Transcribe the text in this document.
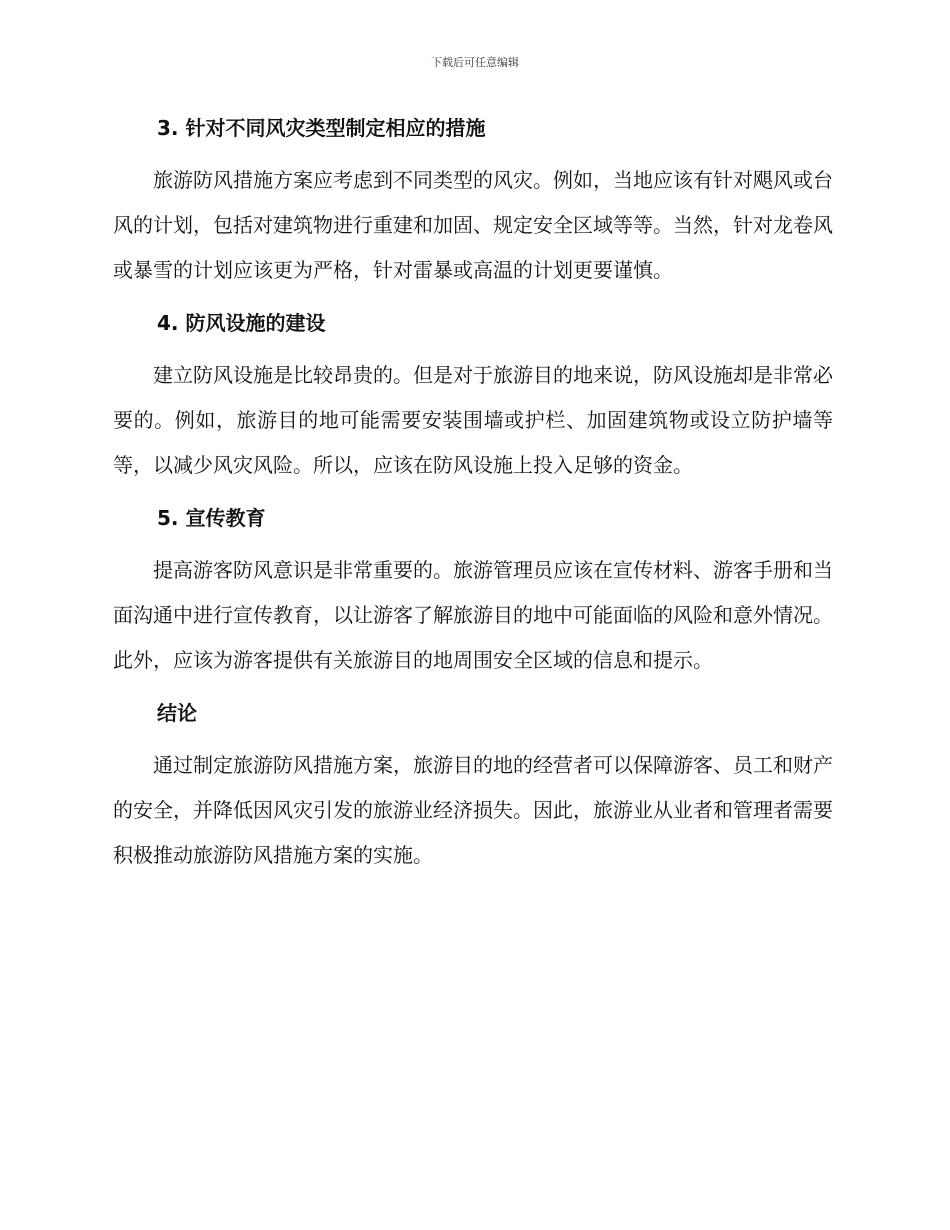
下载后可任意编辑
3. 针对不同风灾类型制定相应的措施

旅游防风措施方案应考虑到不同类型的风灾。例如，当地应该有针对飓风或台风的计划，包括对建筑物进行重建和加固、规定安全区域等等。当然，针对龙卷风或暴雪的计划应该更为严格，针对雷暴或高温的计划更要谨慎。

4. 防风设施的建设

建立防风设施是比较昂贵的。但是对于旅游目的地来说，防风设施却是非常必要的。例如，旅游目的地可能需要安装围墙或护栏、加固建筑物或设立防护墙等等，以减少风灾风险。所以，应该在防风设施上投入足够的资金。

5. 宣传教育

提高游客防风意识是非常重要的。旅游管理员应该在宣传材料、游客手册和当面沟通中进行宣传教育，以让游客了解旅游目的地中可能面临的风险和意外情况。此外，应该为游客提供有关旅游目的地周围安全区域的信息和提示。

结论

通过制定旅游防风措施方案，旅游目的地的经营者可以保障游客、员工和财产的安全，并降低因风灾引发的旅游业经济损失。因此，旅游业从业者和管理者需要积极推动旅游防风措施方案的实施。
